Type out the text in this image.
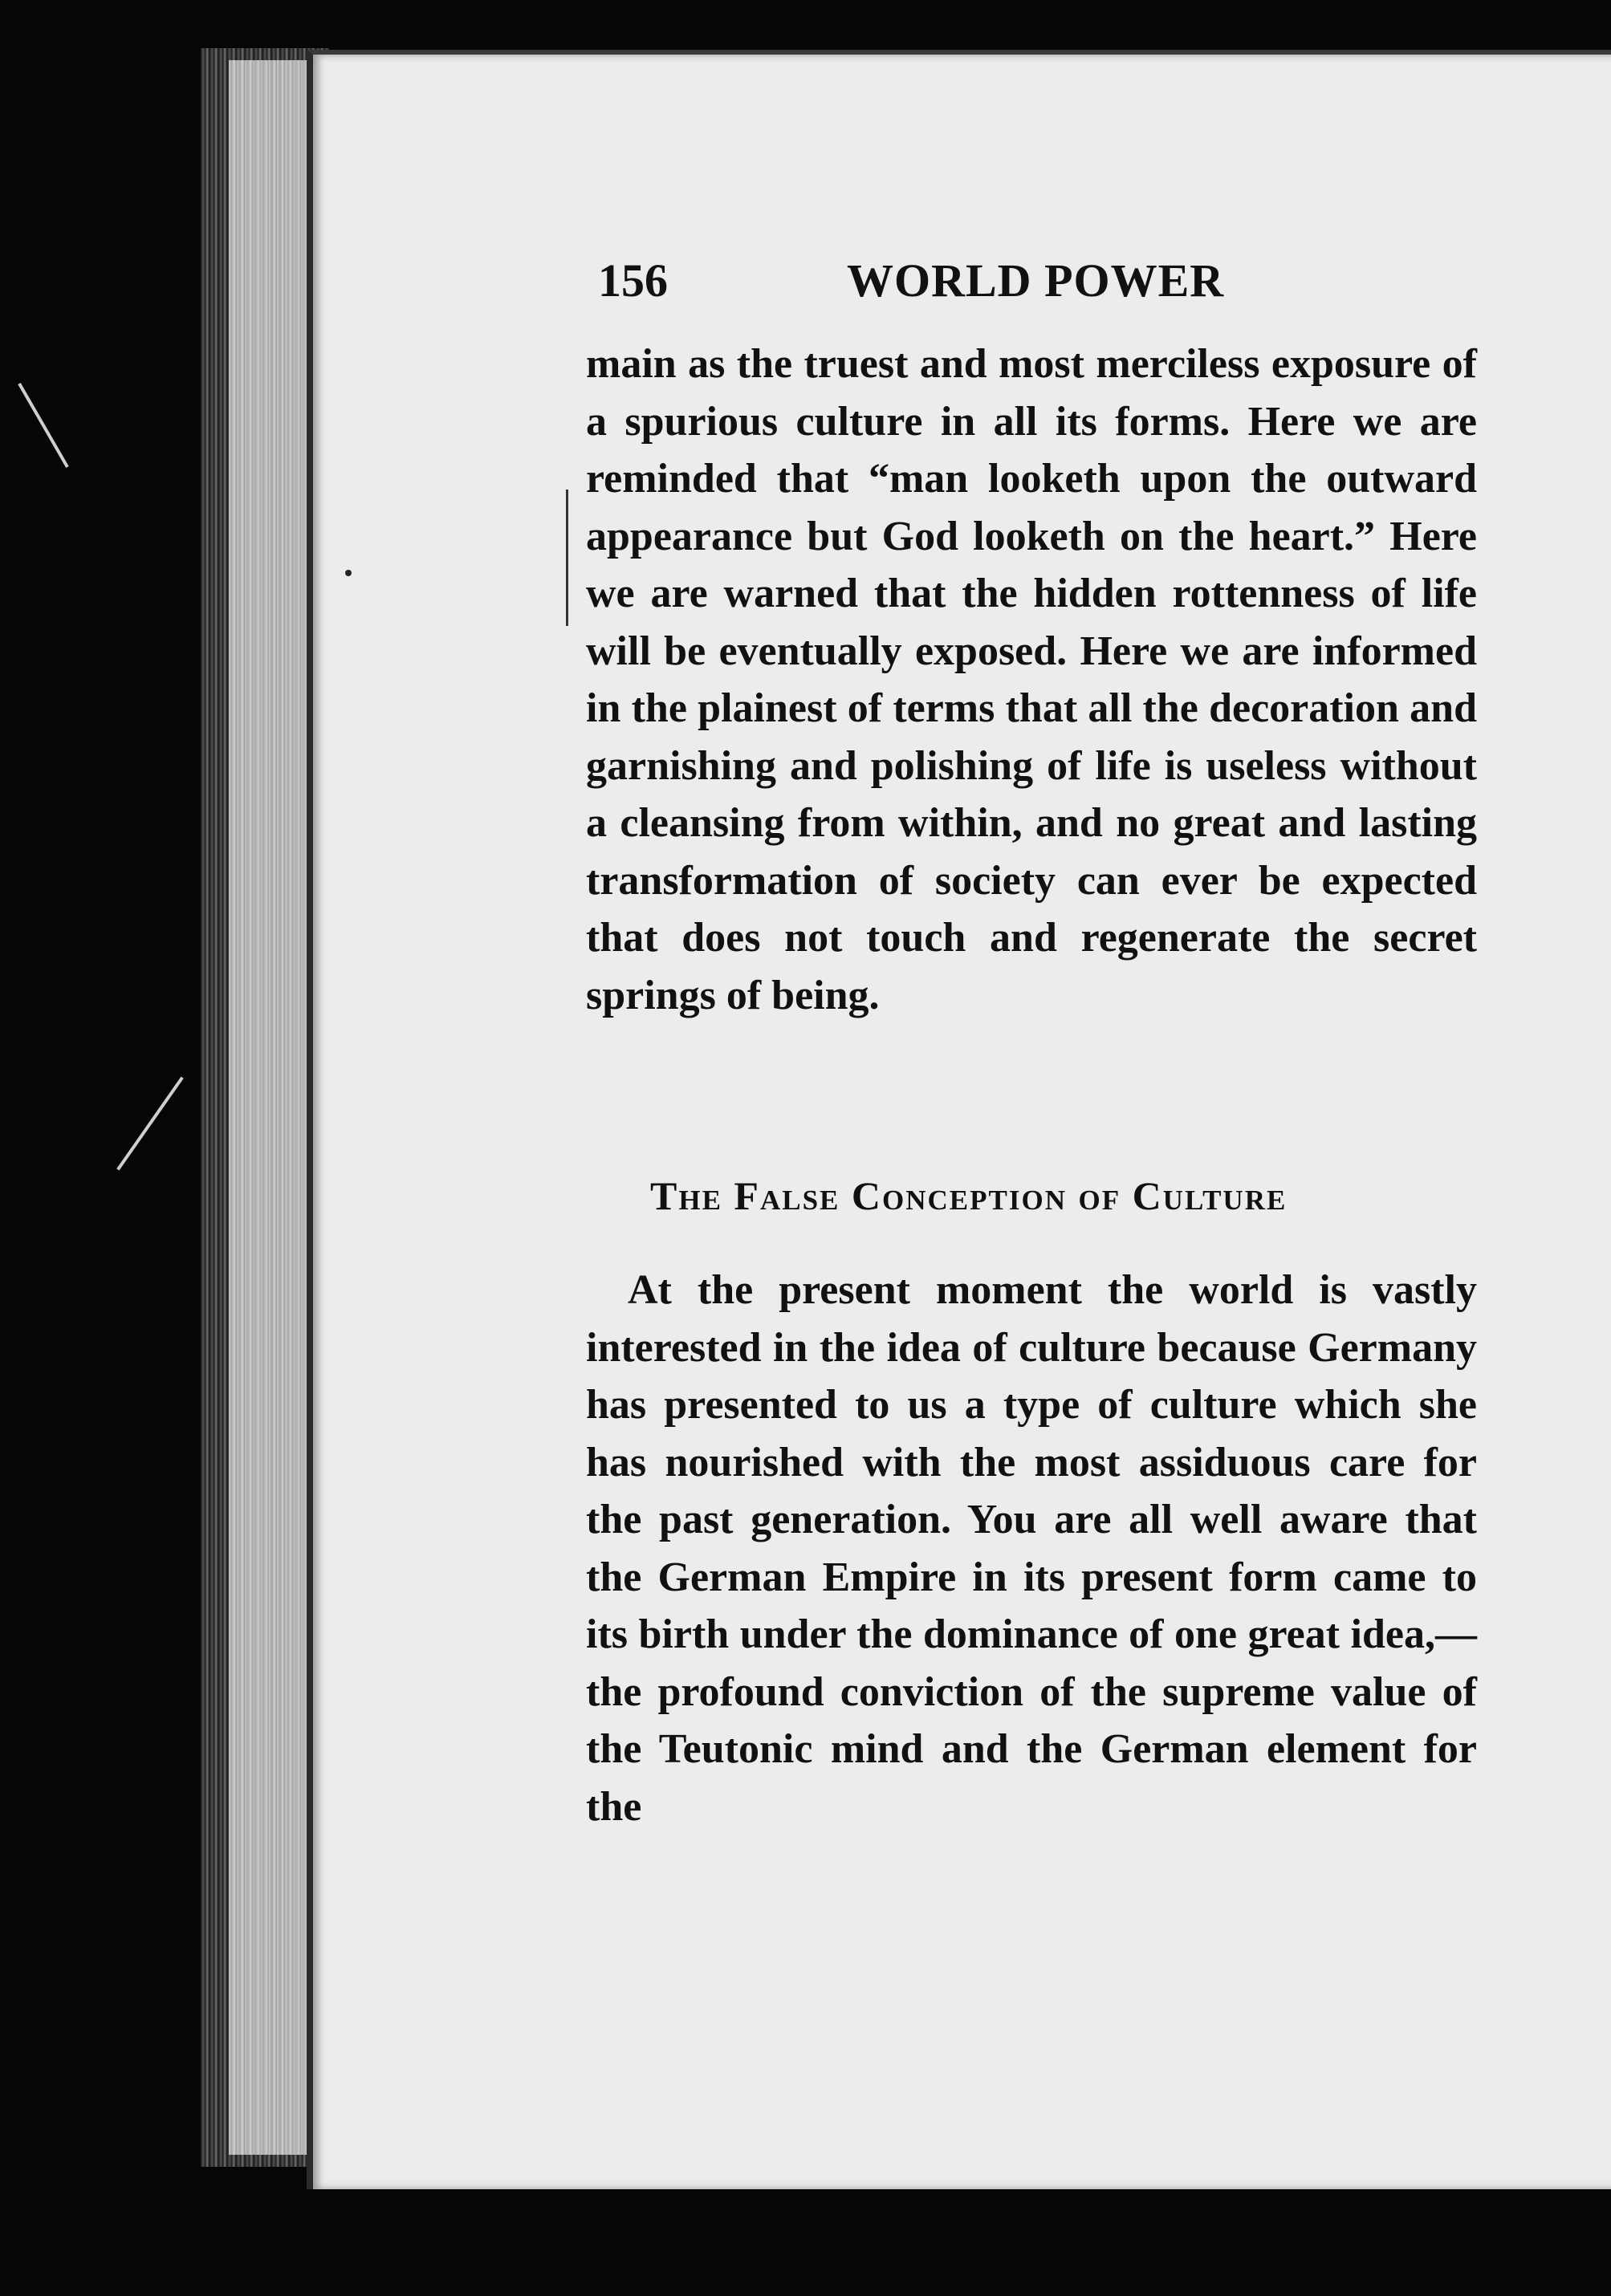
156	WORLD POWER
main as the truest and most merciless exposure of a spurious culture in all its forms. Here we are reminded that “man looketh upon the outward appearance but God looketh on the heart.” Here we are warned that the hidden rottenness of life will be eventually exposed. Here we are informed in the plainest of terms that all the decoration and garnishing and polishing of life is useless without a cleansing from within, and no great and lasting transformation of society can ever be expected that does not touch and regenerate the secret springs of being.
The False Conception of Culture
At the present moment the world is vastly interested in the idea of culture because Germany has presented to us a type of culture which she has nourished with the most assiduous care for the past generation. You are all well aware that the German Empire in its present form came to its birth under the dominance of one great idea,—the profound conviction of the supreme value of the Teutonic mind and the German element for the
